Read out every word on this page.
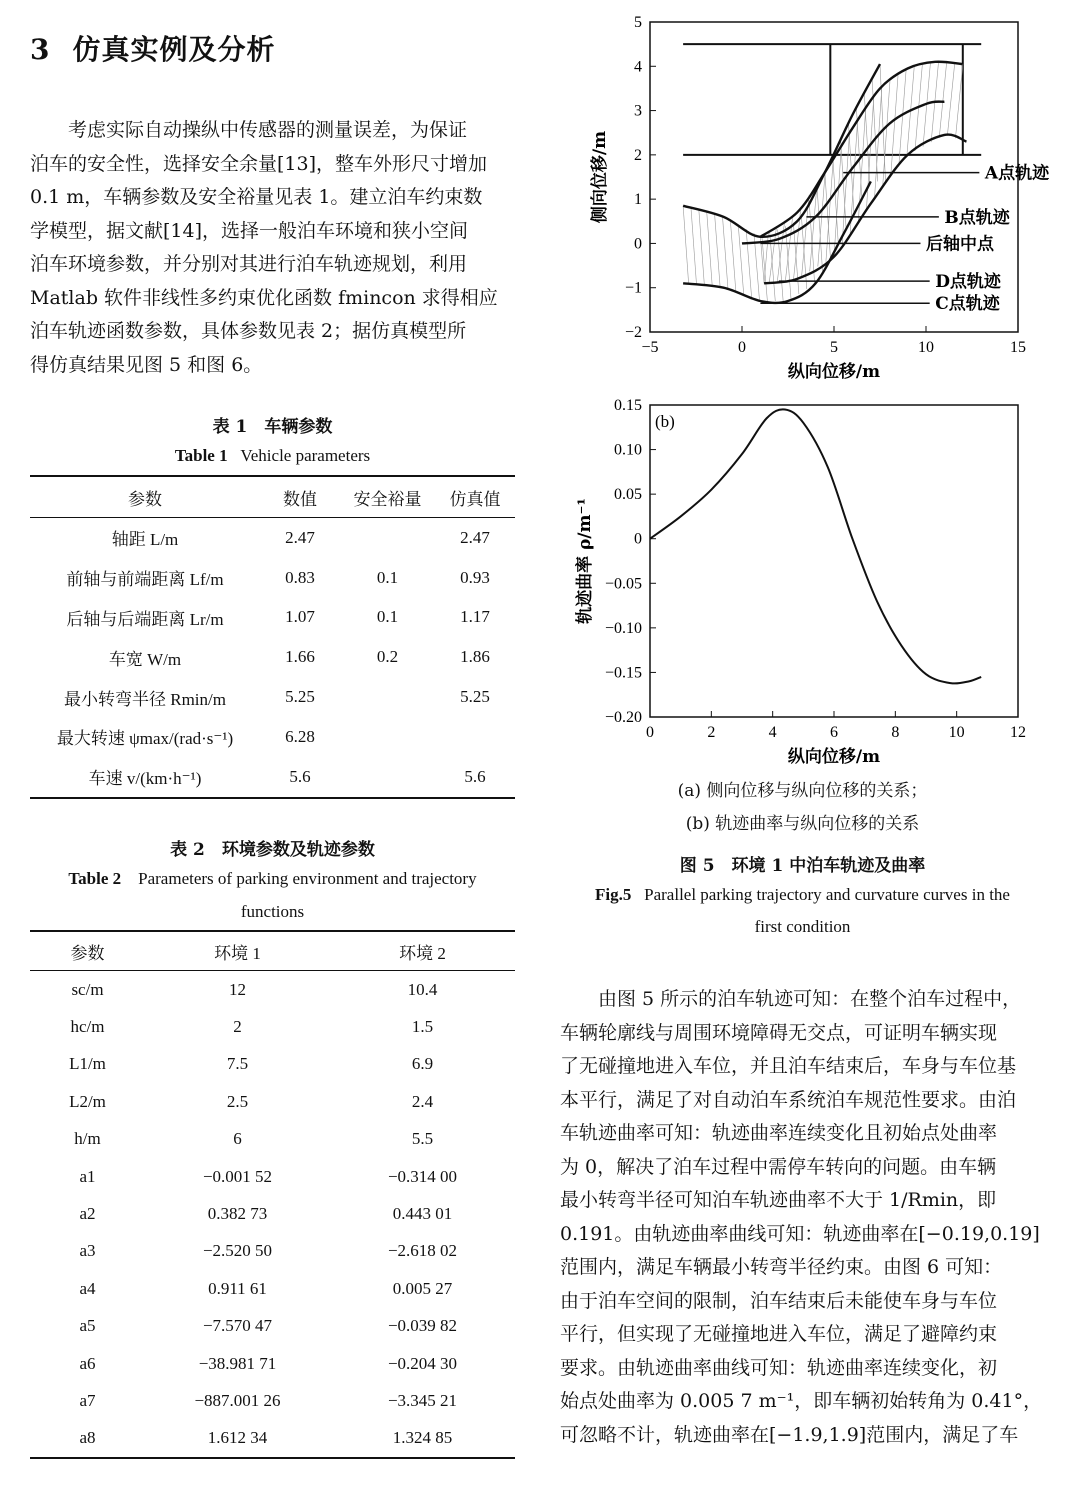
3 仿真实例及分析

考虑实际自动操纵中传感器的测量误差，为保证

泊车的安全性，选择安全余量[13]，整车外形尺寸增加

0.1 m，车辆参数及安全裕量见表 1。建立泊车约束数

学模型，据文献[14]，选择一般泊车环境和狭小空间

泊车环境参数，并分别对其进行泊车轨迹规划，利用

Matlab 软件非线性多约束优化函数 fmincon 求得相应

泊车轨迹函数参数，具体参数见表 2；据仿真模型所

得仿真结果见图 5 和图 6。

表 1　车辆参数
Table 1 Vehicle parameters
参数	数值	安全裕量	仿真值
轴距 L/m	2.47		2.47
前轴与前端距离 Lf/m	0.83	0.1	0.93
后轴与后端距离 Lr/m	1.07	0.1	1.17
车宽 W/m	1.66	0.2	1.86
最小转弯半径 Rmin/m	5.25		5.25
最大转速 ψmax/(rad·s⁻¹)	6.28		
车速 v/(km·h⁻¹)	5.6		5.6
表 2　环境参数及轨迹参数
Table 2 Parameters of parking environment and trajectory
functions
参数	环境 1	环境 2
sc/m	12	10.4
hc/m	2	1.5
L1/m	7.5	6.9
L2/m	2.5	2.4
h/m	6	5.5
a1	−0.001 52	−0.314 00
a2	0.382 73	0.443 01
a3	−2.520 50	−2.618 02
a4	0.911 61	0.005 27
a5	−7.570 47	−0.039 82
a6	−38.981 71	−0.204 30
a7	−887.001 26	−3.345 21
a8	1.612 34	1.324 85
−5	0	5	10	15
−2
−1
0
1
2
3
4
5
纵向位移/m
侧向位移/m	A点轨迹
B点轨迹
后轴中点
D点轨迹
C点轨迹
0	2	4	6	8	10	12
0.15
0.10
0.05
0
−0.05
−0.10
−0.15
−0.20
纵向位移/m
轨迹曲率 ρ/m⁻¹
(b)
(a) 侧向位移与纵向位移的关系；
(b) 轨迹曲率与纵向位移的关系
图 5　环境 1 中泊车轨迹及曲率
Fig.5 Parallel parking trajectory and curvature curves in the
first condition

由图 5 所示的泊车轨迹可知：在整个泊车过程中，

车辆轮廓线与周围环境障碍无交点，可证明车辆实现

了无碰撞地进入车位，并且泊车结束后，车身与车位基

本平行，满足了对自动泊车系统泊车规范性要求。由泊

车轨迹曲率可知：轨迹曲率连续变化且初始点处曲率

为 0，解决了泊车过程中需停车转向的问题。由车辆

最小转弯半径可知泊车轨迹曲率不大于 1/Rmin，即

0.191。由轨迹曲率曲线可知：轨迹曲率在[−0.19,0.19]

范围内，满足车辆最小转弯半径约束。由图 6 可知：

由于泊车空间的限制，泊车结束后未能使车身与车位

平行，但实现了无碰撞地进入车位，满足了避障约束

要求。由轨迹曲率曲线可知：轨迹曲率连续变化，初

始点处曲率为 0.005 7 m⁻¹，即车辆初始转角为 0.41°，

可忽略不计，轨迹曲率在[−1.9,1.9]范围内，满足了车
